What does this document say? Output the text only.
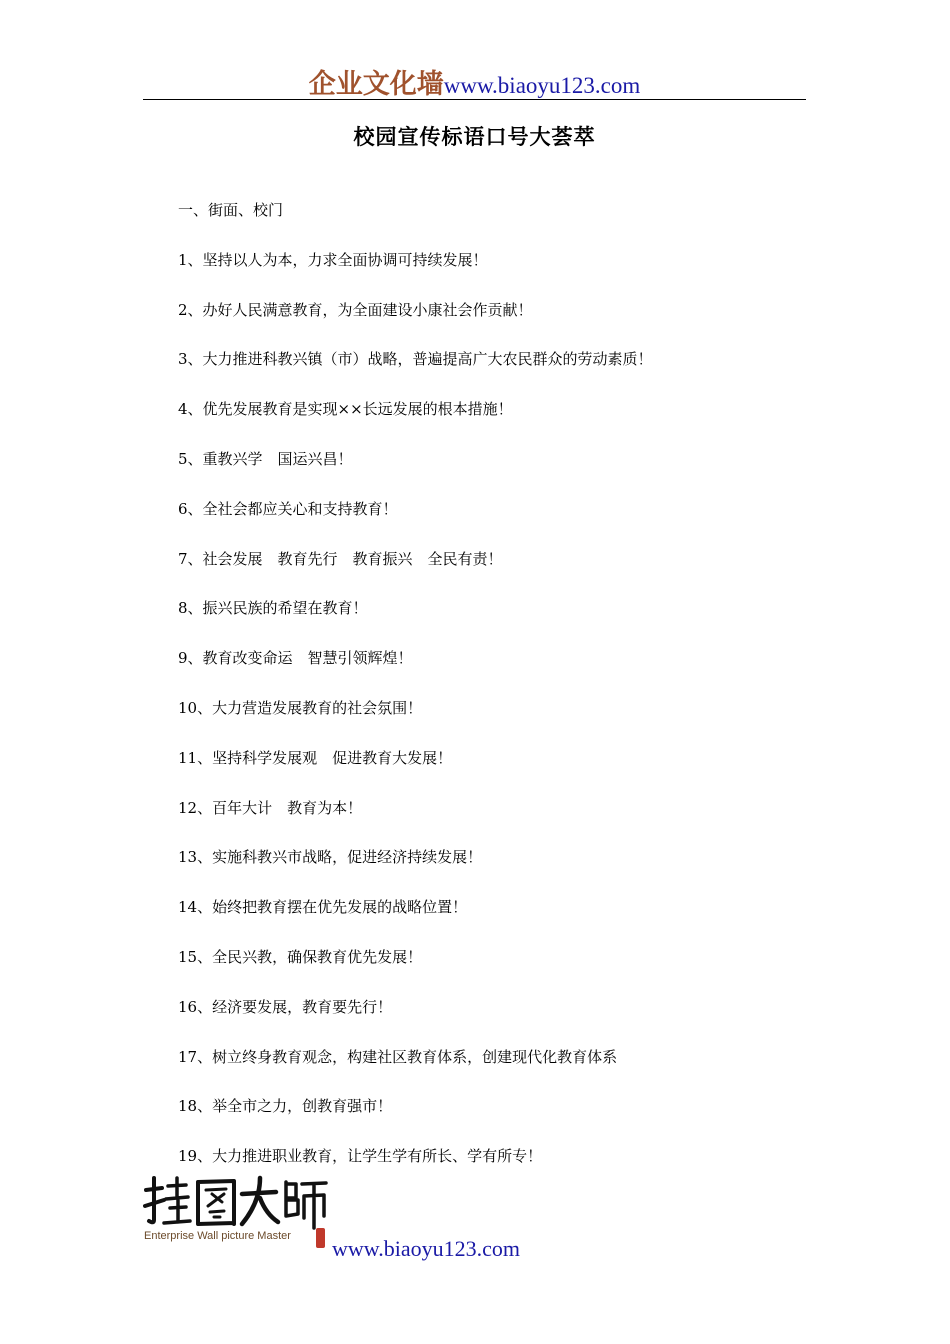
企业文化墙www.biaoyu123.com
校园宣传标语口号大荟萃
一、街面、校门
1、坚持以人为本，力求全面协调可持续发展！
2、办好人民满意教育，为全面建设小康社会作贡献！
3、大力推进科教兴镇（市）战略，普遍提高广大农民群众的劳动素质！
4、优先发展教育是实现××长远发展的根本措施！
5、重教兴学　国运兴昌！
6、全社会都应关心和支持教育！
7、社会发展　教育先行　教育振兴　全民有责！
8、振兴民族的希望在教育！
9、教育改变命运　智慧引领辉煌！
10、大力营造发展教育的社会氛围！
11、坚持科学发展观　促进教育大发展！
12、百年大计　教育为本！
13、实施科教兴市战略，促进经济持续发展！
14、始终把教育摆在优先发展的战略位置！
15、全民兴教，确保教育优先发展！
16、经济要发展，教育要先行！
17、树立终身教育观念，构建社区教育体系，创建现代化教育体系
18、举全市之力，创教育强市！
19、大力推进职业教育，让学生学有所长、学有所专！
Enterprise Wall picture Master www.biaoyu123.com
